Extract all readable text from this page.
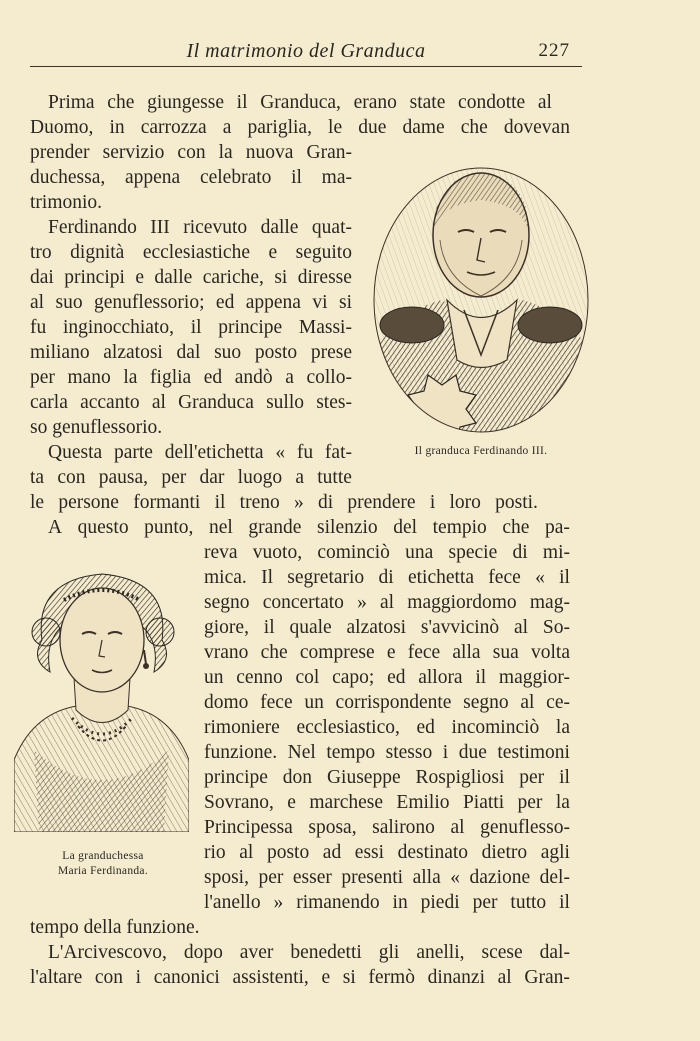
Il matrimonio del Granduca	227
Prima che giungesse il Granduca, erano state condotte al
Duomo, in carrozza a pariglia, le due dame che dovevan
prender servizio con la nuova Gran-
duchessa, appena celebrato il ma-
trimonio.
Ferdinando III ricevuto dalle quat-
tro dignità ecclesiastiche e seguito
dai principi e dalle cariche, si diresse
al suo genuflessorio; ed appena vi si
fu inginocchiato, il principe Massi-
miliano alzatosi dal suo posto prese
per mano la figlia ed andò a collo-
carla accanto al Granduca sullo stes-
so genuflessorio.
Questa parte dell'etichetta « fu fat-
ta con pausa, per dar luogo a tutte
le persone formanti il treno » di prendere i loro posti.
A questo punto, nel grande silenzio del tempio che pa-
reva vuoto, cominciò una specie di mi-
mica. Il segretario di etichetta fece « il
segno concertato » al maggiordomo mag-
giore, il quale alzatosi s'avvicinò al So-
vrano che comprese e fece alla sua volta
un cenno col capo; ed allora il maggior-
domo fece un corrispondente segno al ce-
rimoniere ecclesiastico, ed incominciò la
funzione. Nel tempo stesso i due testimoni
principe don Giuseppe Rospigliosi per il
Sovrano, e marchese Emilio Piatti per la
Principessa sposa, salirono al genuflesso-
rio al posto ad essi destinato dietro agli
sposi, per esser presenti alla « dazione del-
l'anello » rimanendo in piedi per tutto il
tempo della funzione.
L'Arcivescovo, dopo aver benedetti gli anelli, scese dal-
l'altare con i canonici assistenti, e si fermò dinanzi al Gran-
Il granduca Ferdinando III.
La granduchessa
Maria Ferdinanda.
